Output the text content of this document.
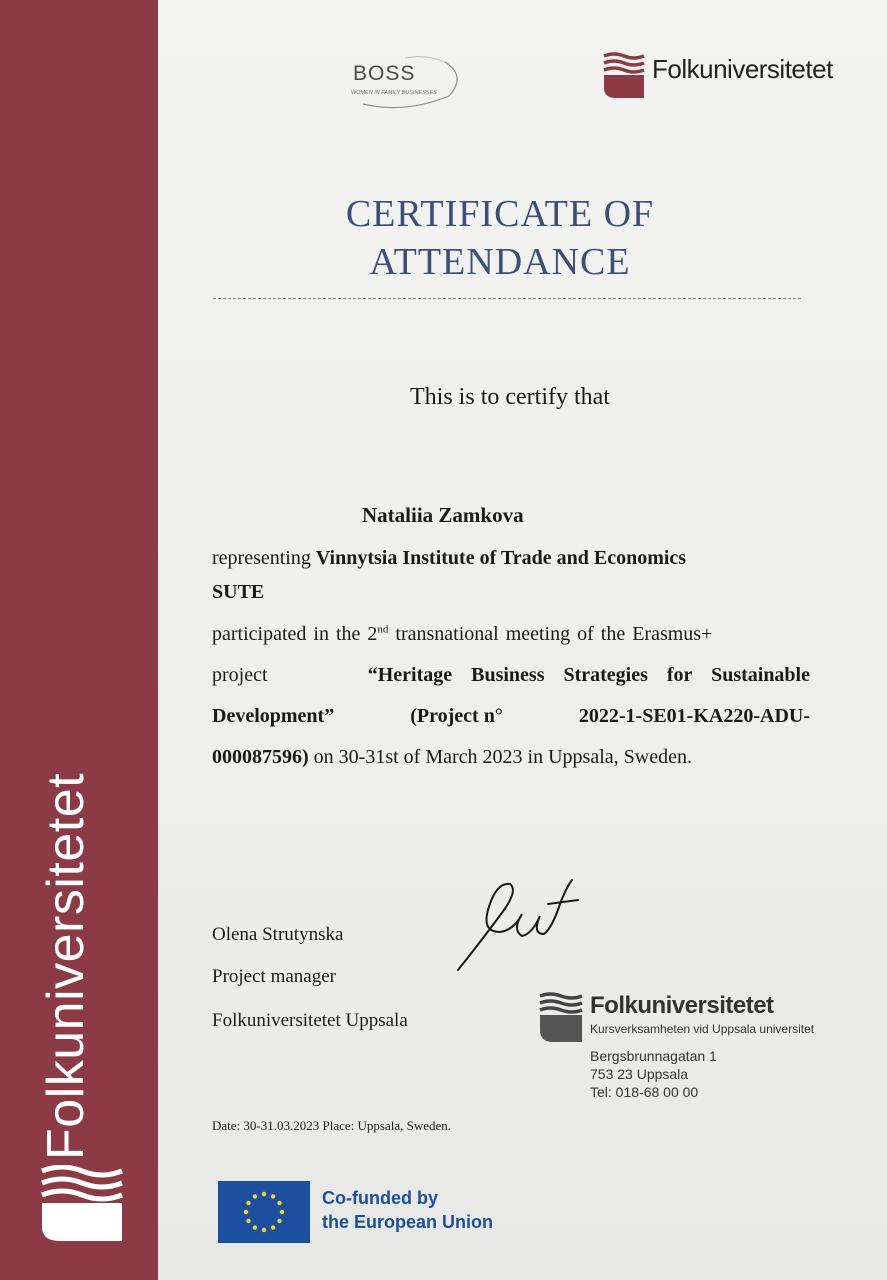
Folkuniversitetet
BOSS
WOMEN IN FAMILY BUSINESSES
Folkuniversitetet
CERTIFICATE OF
ATTENDANCE
This is to certify that
Nataliia Zamkova
representing Vinnytsia Institute of Trade and Economics
SUTE
participated in the 2nd transnational meeting of the Erasmus+
project	“Heritage Business Strategies for Sustainable
Development”	(Project n°	2022-1-SE01-KA220-ADU-
000087596) on 30-31st of March 2023 in Uppsala, Sweden.
Olena Strutynska
Project manager
Folkuniversitetet Uppsala
Folkuniversitetet
Kursverksamheten vid Uppsala universitet
Bergsbrunnagatan 1
753 23 Uppsala
Tel: 018-68 00 00
Date: 30-31.03.2023 Place: Uppsala, Sweden.
Co-funded by
the European Union
